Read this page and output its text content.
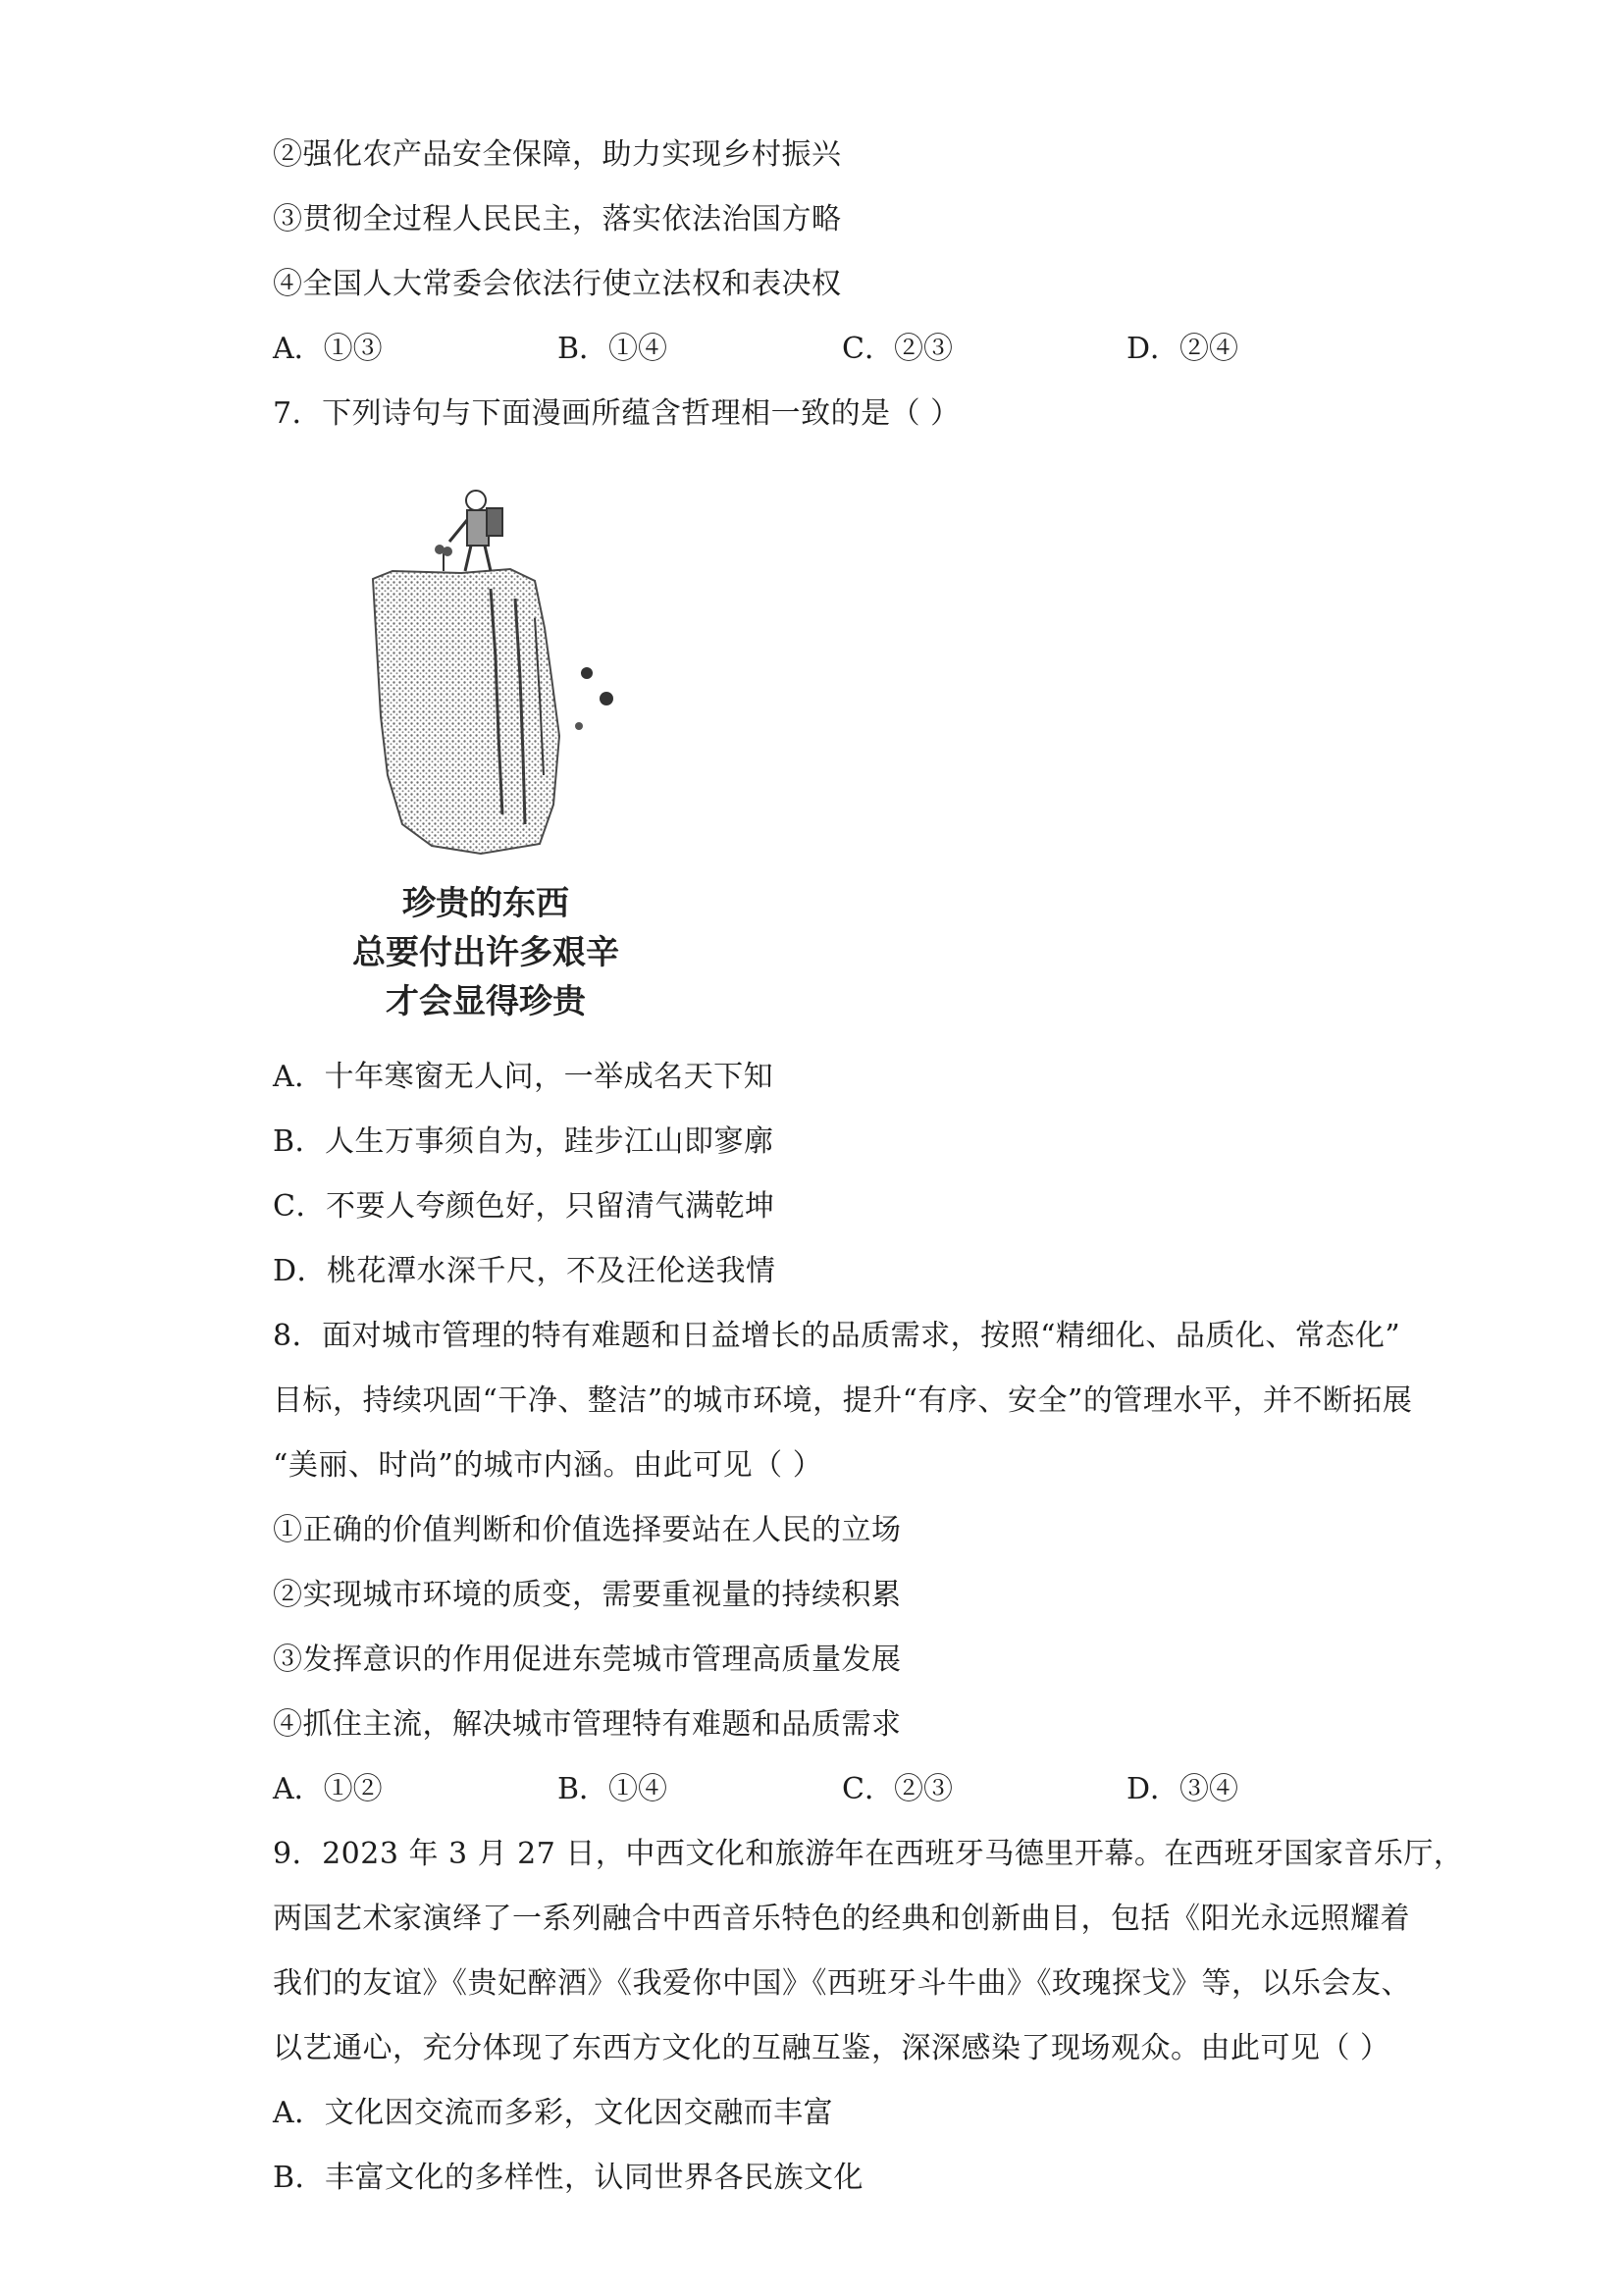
②强化农产品安全保障，助力实现乡村振兴
③贯彻全过程人民民主，落实依法治国方略
④全国人大常委会依法行使立法权和表决权
A．①③	B．①④	C．②③	D．②④
7．下列诗句与下面漫画所蕴含哲理相一致的是（ ）
珍贵的东西
总要付出许多艰辛
才会显得珍贵
A．十年寒窗无人问，一举成名天下知
B．人生万事须自为，跬步江山即寥廓
C．不要人夸颜色好，只留清气满乾坤
D．桃花潭水深千尺，不及汪伦送我情
8．面对城市管理的特有难题和日益增长的品质需求，按照“精细化、品质化、常态化”
目标，持续巩固“干净、整洁”的城市环境，提升“有序、安全”的管理水平，并不断拓展
“美丽、时尚”的城市内涵。由此可见（ ）
①正确的价值判断和价值选择要站在人民的立场
②实现城市环境的质变，需要重视量的持续积累
③发挥意识的作用促进东莞城市管理高质量发展
④抓住主流，解决城市管理特有难题和品质需求
A．①②	B．①④	C．②③	D．③④
9．2023 年 3 月 27 日，中西文化和旅游年在西班牙马德里开幕。在西班牙国家音乐厅，
两国艺术家演绎了一系列融合中西音乐特色的经典和创新曲目，包括《阳光永远照耀着
我们的友谊》《贵妃醉酒》《我爱你中国》《西班牙斗牛曲》《玫瑰探戈》等，以乐会友、
以艺通心，充分体现了东西方文化的互融互鉴，深深感染了现场观众。由此可见（ ）
A．文化因交流而多彩，文化因交融而丰富
B．丰富文化的多样性，认同世界各民族文化
